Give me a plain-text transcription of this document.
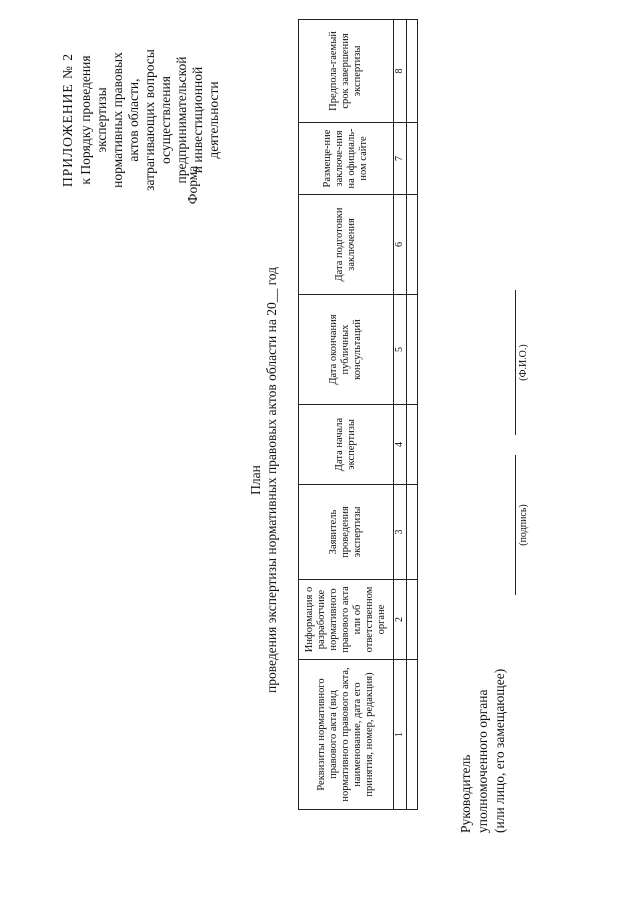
ПРИЛОЖЕНИЕ № 2 к Порядку проведения экспертизы нормативных правовых актов области, затрагивающих вопросы осуществления предпринимательской и инвестиционной деятельности
Форма
План проведения экспертизы нормативных правовых актов области на 20__ год
Реквизиты нормативного правового акта (вид нормативного правового акта, наименование, дата его принятия, номер, редакция)	Информация о разработчике нормативного правового акта или об ответственном органе	Заявитель проведения экспертизы	Дата начала экспертизы	Дата окончания публичных консультаций	Дата подготовки заключения	Размеще-ние заключе-ния на официаль-ном сайте	Предпола-гаемый срок завершения экспертизы
1	2	3	4	5	6	7	8

Руководитель уполномоченного органа (или лицо, его замещающее)
(подпись)
(Ф.И.О.)
